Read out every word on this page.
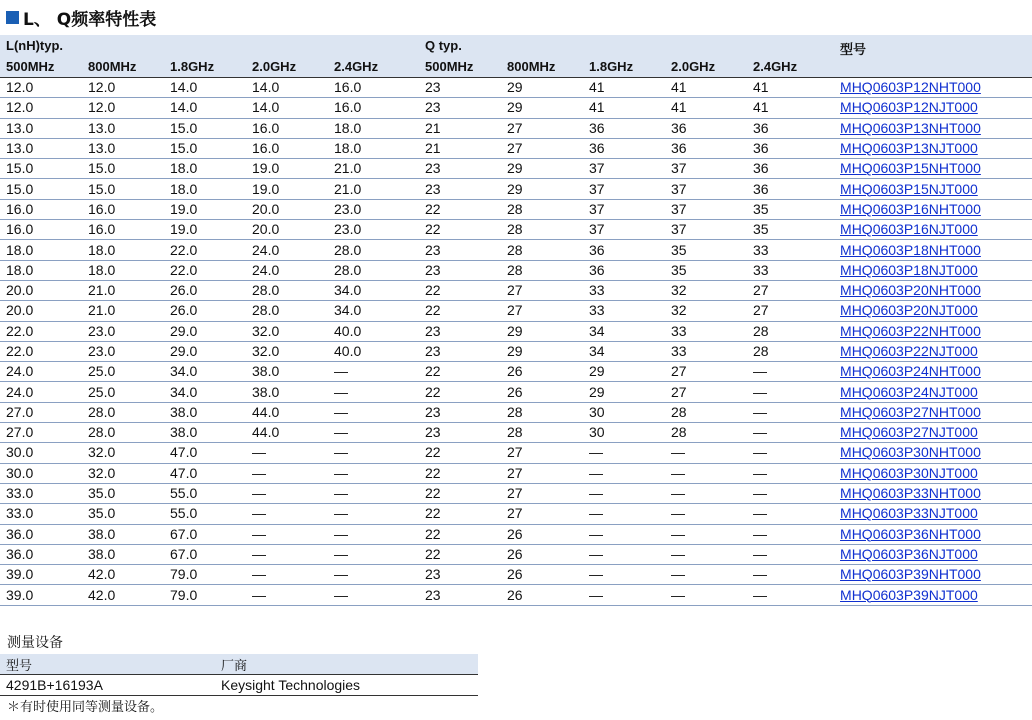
L、 Q频率特性表
L(nH)typ.					Q typ.					型号
500MHz	800MHz	1.8GHz	2.0GHz	2.4GHz	500MHz	800MHz	1.8GHz	2.0GHz	2.4GHz	
12.0	12.0	14.0	14.0	16.0	23	29	41	41	41	MHQ0603P12NHT000
12.0	12.0	14.0	14.0	16.0	23	29	41	41	41	MHQ0603P12NJT000
13.0	13.0	15.0	16.0	18.0	21	27	36	36	36	MHQ0603P13NHT000
13.0	13.0	15.0	16.0	18.0	21	27	36	36	36	MHQ0603P13NJT000
15.0	15.0	18.0	19.0	21.0	23	29	37	37	36	MHQ0603P15NHT000
15.0	15.0	18.0	19.0	21.0	23	29	37	37	36	MHQ0603P15NJT000
16.0	16.0	19.0	20.0	23.0	22	28	37	37	35	MHQ0603P16NHT000
16.0	16.0	19.0	20.0	23.0	22	28	37	37	35	MHQ0603P16NJT000
18.0	18.0	22.0	24.0	28.0	23	28	36	35	33	MHQ0603P18NHT000
18.0	18.0	22.0	24.0	28.0	23	28	36	35	33	MHQ0603P18NJT000
20.0	21.0	26.0	28.0	34.0	22	27	33	32	27	MHQ0603P20NHT000
20.0	21.0	26.0	28.0	34.0	22	27	33	32	27	MHQ0603P20NJT000
22.0	23.0	29.0	32.0	40.0	23	29	34	33	28	MHQ0603P22NHT000
22.0	23.0	29.0	32.0	40.0	23	29	34	33	28	MHQ0603P22NJT000
24.0	25.0	34.0	38.0	—	22	26	29	27	—	MHQ0603P24NHT000
24.0	25.0	34.0	38.0	—	22	26	29	27	—	MHQ0603P24NJT000
27.0	28.0	38.0	44.0	—	23	28	30	28	—	MHQ0603P27NHT000
27.0	28.0	38.0	44.0	—	23	28	30	28	—	MHQ0603P27NJT000
30.0	32.0	47.0	—	—	22	27	—	—	—	MHQ0603P30NHT000
30.0	32.0	47.0	—	—	22	27	—	—	—	MHQ0603P30NJT000
33.0	35.0	55.0	—	—	22	27	—	—	—	MHQ0603P33NHT000
33.0	35.0	55.0	—	—	22	27	—	—	—	MHQ0603P33NJT000
36.0	38.0	67.0	—	—	22	26	—	—	—	MHQ0603P36NHT000
36.0	38.0	67.0	—	—	22	26	—	—	—	MHQ0603P36NJT000
39.0	42.0	79.0	—	—	23	26	—	—	—	MHQ0603P39NHT000
39.0	42.0	79.0	—	—	23	26	—	—	—	MHQ0603P39NJT000
测量设备
型号	厂商
4291B+16193A	Keysight Technologies
＊有时使用同等测量设备。
